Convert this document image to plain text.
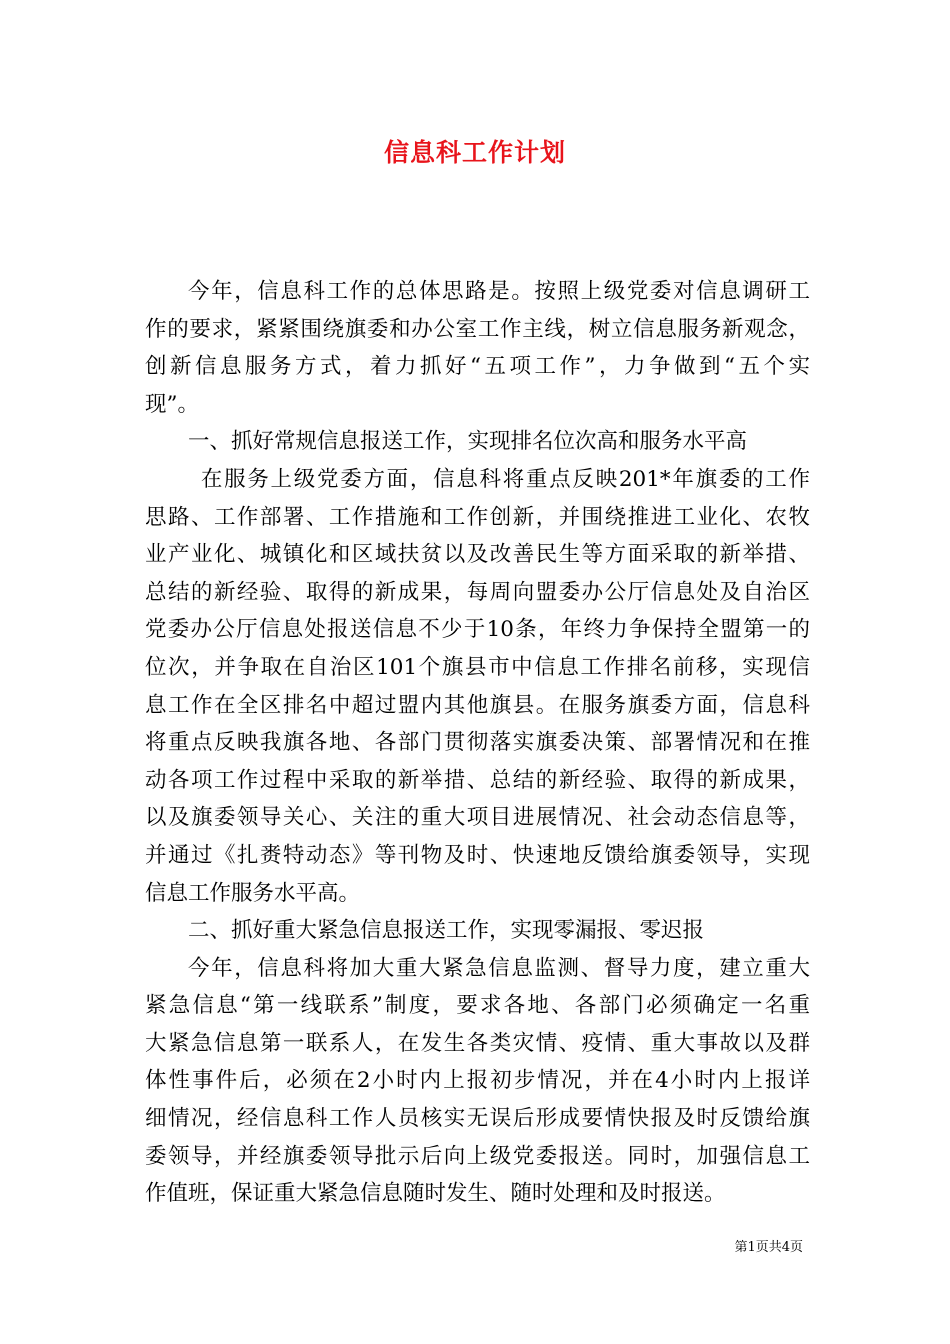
信息科工作计划
今年，信息科工作的总体思路是。按照上级党委对信息调研工
作的要求，紧紧围绕旗委和办公室工作主线，树立信息服务新观念，
创新信息服务方式，着力抓好“五项工作”，力争做到“五个实
现”。
一、抓好常规信息报送工作，实现排名位次高和服务水平高
在服务上级党委方面，信息科将重点反映201*年旗委的工作
思路、工作部署、工作措施和工作创新，并围绕推进工业化、农牧
业产业化、城镇化和区域扶贫以及改善民生等方面采取的新举措、
总结的新经验、取得的新成果，每周向盟委办公厅信息处及自治区
党委办公厅信息处报送信息不少于10条，年终力争保持全盟第一的
位次，并争取在自治区101个旗县市中信息工作排名前移，实现信
息工作在全区排名中超过盟内其他旗县。在服务旗委方面，信息科
将重点反映我旗各地、各部门贯彻落实旗委决策、部署情况和在推
动各项工作过程中采取的新举措、总结的新经验、取得的新成果，
以及旗委领导关心、关注的重大项目进展情况、社会动态信息等，
并通过《扎赉特动态》等刊物及时、快速地反馈给旗委领导，实现
信息工作服务水平高。
二、抓好重大紧急信息报送工作，实现零漏报、零迟报
今年，信息科将加大重大紧急信息监测、督导力度，建立重大
紧急信息“第一线联系”制度，要求各地、各部门必须确定一名重
大紧急信息第一联系人，在发生各类灾情、疫情、重大事故以及群
体性事件后，必须在2小时内上报初步情况，并在4小时内上报详
细情况，经信息科工作人员核实无误后形成要情快报及时反馈给旗
委领导，并经旗委领导批示后向上级党委报送。同时，加强信息工
作值班，保证重大紧急信息随时发生、随时处理和及时报送。
第1页共4页
